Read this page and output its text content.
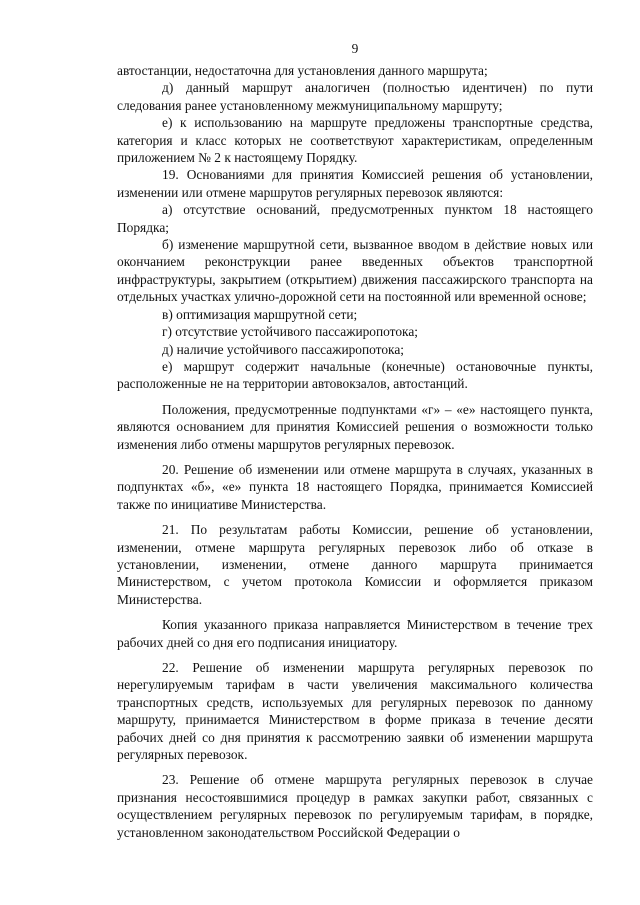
9

автостанции, недостаточна для установления данного маршрута;

д) данный маршрут аналогичен (полностью идентичен) по пути следования ранее установленному межмуниципальному маршруту;

е) к использованию на маршруте предложены транспортные средства, категория и класс которых не соответствуют характеристикам, определенным приложением № 2 к настоящему Порядку.

19. Основаниями для принятия Комиссией решения об установлении, изменении или отмене маршрутов регулярных перевозок являются:

а) отсутствие оснований, предусмотренных пунктом 18 настоящего Порядка;

б) изменение маршрутной сети, вызванное вводом в действие новых или окончанием реконструкции ранее введенных объектов транспортной инфраструктуры, закрытием (открытием) движения пассажирского транспорта на отдельных участках улично-дорожной сети на постоянной или временной основе;

в) оптимизация маршрутной сети;

г) отсутствие устойчивого пассажиропотока;

д) наличие устойчивого пассажиропотока;

е) маршрут содержит начальные (конечные) остановочные пункты, расположенные не на территории автовокзалов, автостанций.

Положения, предусмотренные подпунктами «г» – «е» настоящего пункта, являются основанием для принятия Комиссией решения о возможности только изменения либо отмены маршрутов регулярных перевозок.

20. Решение об изменении или отмене маршрута в случаях, указанных в подпунктах «б», «е» пункта 18 настоящего Порядка, принимается Комиссией также по инициативе Министерства.

21. По результатам работы Комиссии, решение об установлении, изменении, отмене маршрута регулярных перевозок либо об отказе в установлении, изменении, отмене данного маршрута принимается Министерством, с учетом протокола Комиссии и оформляется приказом Министерства.

Копия указанного приказа направляется Министерством в течение трех рабочих дней со дня его подписания инициатору.

22. Решение об изменении маршрута регулярных перевозок по нерегулируемым тарифам в части увеличения максимального количества транспортных средств, используемых для регулярных перевозок по данному маршруту, принимается Министерством в форме приказа в течение десяти рабочих дней со дня принятия к рассмотрению заявки об изменении маршрута регулярных перевозок.

23. Решение об отмене маршрута регулярных перевозок в случае признания несостоявшимися процедур в рамках закупки работ, связанных с осуществлением регулярных перевозок по регулируемым тарифам, в порядке, установленном законодательством Российской Федерации о
